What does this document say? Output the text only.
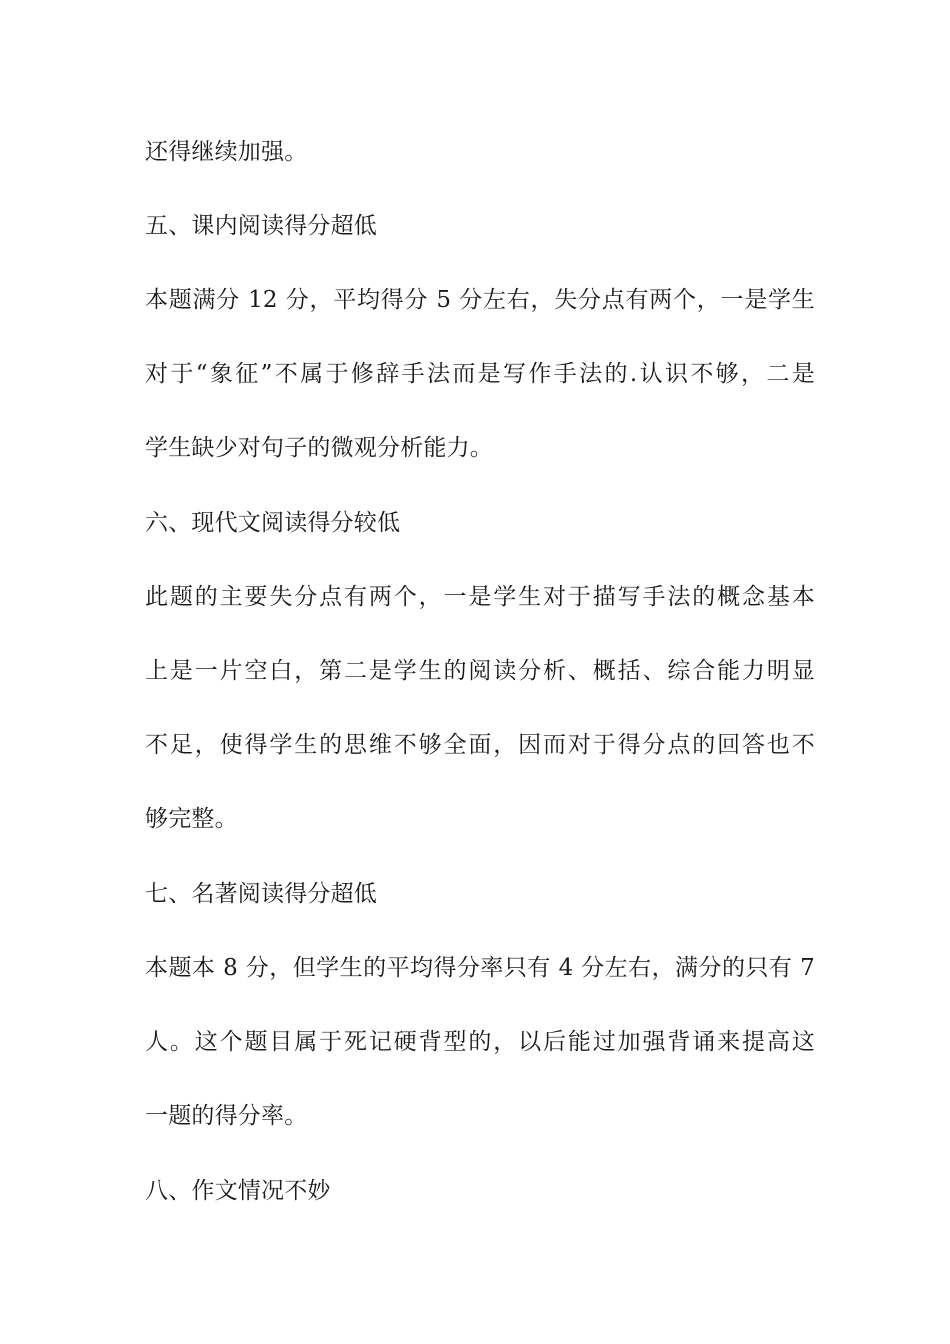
还得继续加强。
五、课内阅读得分超低
本题满分 12 分，平均得分 5 分左右，失分点有两个，一是学生
对于“象征”不属于修辞手法而是写作手法的.认识不够，二是
学生缺少对句子的微观分析能力。
六、现代文阅读得分较低
此题的主要失分点有两个，一是学生对于描写手法的概念基本
上是一片空白，第二是学生的阅读分析、概括、综合能力明显
不足，使得学生的思维不够全面，因而对于得分点的回答也不
够完整。
七、名著阅读得分超低
本题本 8 分，但学生的平均得分率只有 4 分左右，满分的只有 7
人。这个题目属于死记硬背型的，以后能过加强背诵来提高这
一题的得分率。
八、作文情况不妙
